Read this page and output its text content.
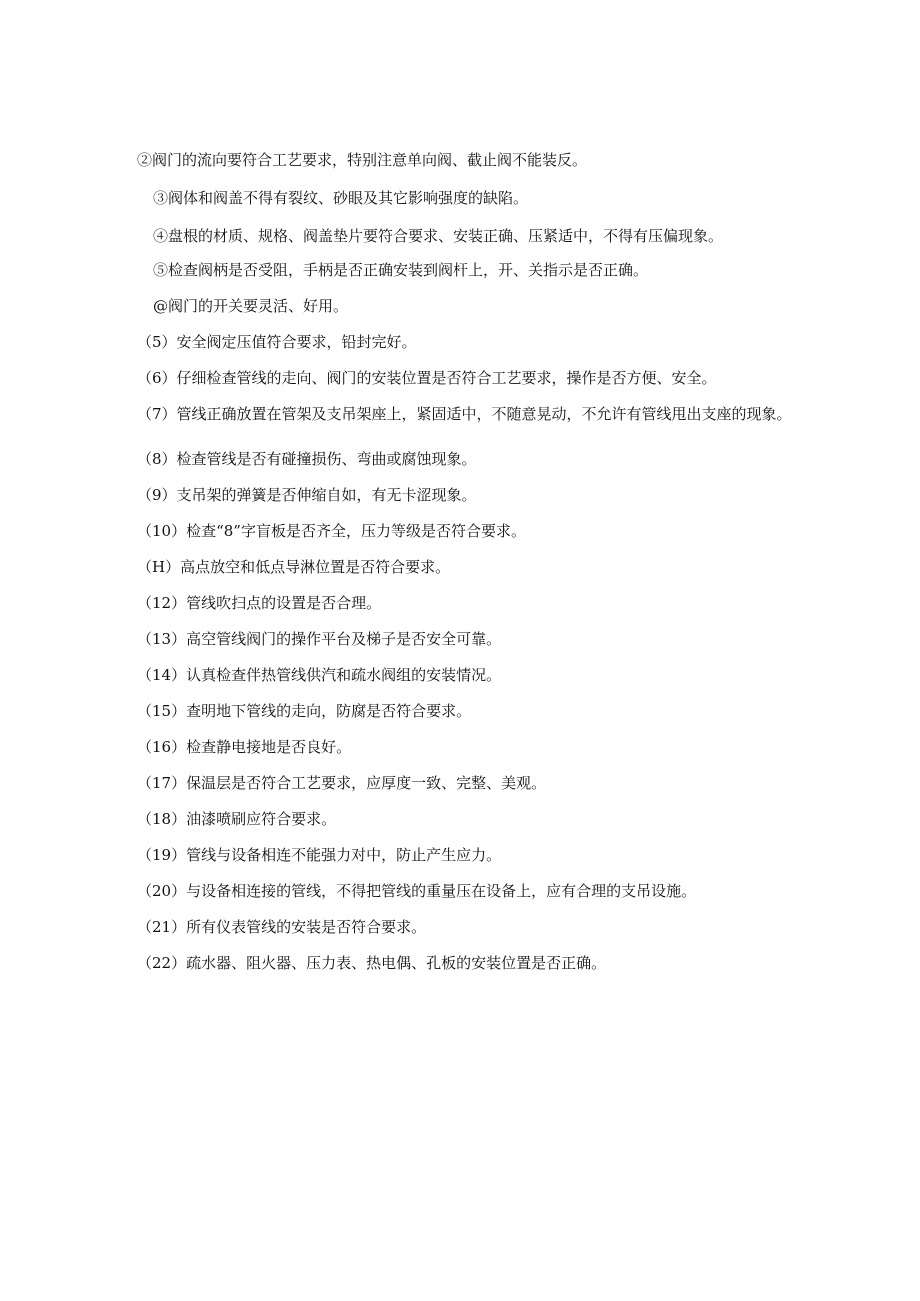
②阀门的流向要符合工艺要求，特别注意单向阀、截止阀不能装反。
③阀体和阀盖不得有裂纹、砂眼及其它影响强度的缺陷。
④盘根的材质、规格、阀盖垫片要符合要求、安装正确、压紧适中，不得有压偏现象。
⑤检查阀柄是否受阻，手柄是否正确安装到阀杆上，开、关指示是否正确。
@阀门的开关要灵活、好用。
（5）安全阀定压值符合要求，铅封完好。
（6）仔细检查管线的走向、阀门的安装位置是否符合工艺要求，操作是否方便、安全。
（7）管线正确放置在管架及支吊架座上，紧固适中，不随意晃动，不允许有管线甩出支座的现象。
（8）检查管线是否有碰撞损伤、弯曲或腐蚀现象。
（9）支吊架的弹簧是否伸缩自如，有无卡涩现象。
（10）检查“8”字盲板是否齐全，压力等级是否符合要求。
（H）高点放空和低点导淋位置是否符合要求。
（12）管线吹扫点的设置是否合理。
（13）高空管线阀门的操作平台及梯子是否安全可靠。
（14）认真检查伴热管线供汽和疏水阀组的安装情况。
（15）查明地下管线的走向，防腐是否符合要求。
（16）检查静电接地是否良好。
（17）保温层是否符合工艺要求，应厚度一致、完整、美观。
（18）油漆喷刷应符合要求。
（19）管线与设备相连不能强力对中，防止产生应力。
（20）与设备相连接的管线，不得把管线的重量压在设备上，应有合理的支吊设施。
（21）所有仪表管线的安装是否符合要求。
（22）疏水器、阻火器、压力表、热电偶、孔板的安装位置是否正确。
